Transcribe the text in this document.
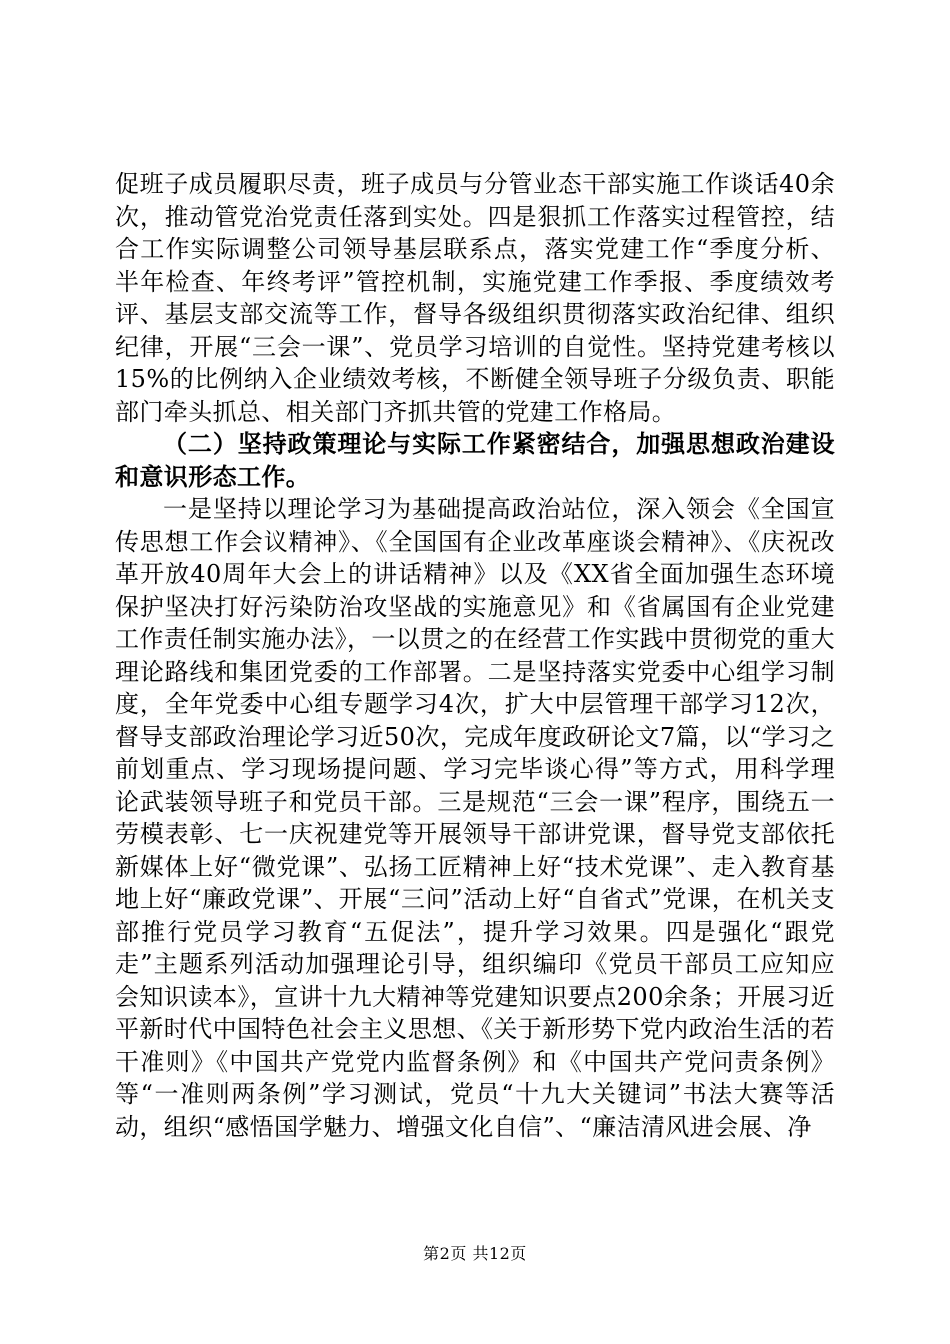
促班子成员履职尽责，班子成员与分管业态干部实施工作谈话40余次，推动管党治党责任落到实处。四是狠抓工作落实过程管控，结合工作实际调整公司领导基层联系点，落实党建工作“季度分析、半年检查、年终考评”管控机制，实施党建工作季报、季度绩效考评、基层支部交流等工作，督导各级组织贯彻落实政治纪律、组织纪律，开展“三会一课”、党员学习培训的自觉性。坚持党建考核以15%的比例纳入企业绩效考核，不断健全领导班子分级负责、职能部门牵头抓总、相关部门齐抓共管的党建工作格局。

（二）坚持政策理论与实际工作紧密结合，加强思想政治建设和意识形态工作。

一是坚持以理论学习为基础提高政治站位，深入领会《全国宣传思想工作会议精神》、《全国国有企业改革座谈会精神》、《庆祝改革开放40周年大会上的讲话精神》以及《XX省全面加强生态环境保护坚决打好污染防治攻坚战的实施意见》和《省属国有企业党建工作责任制实施办法》，一以贯之的在经营工作实践中贯彻党的重大理论路线和集团党委的工作部署。二是坚持落实党委中心组学习制度，全年党委中心组专题学习4次，扩大中层管理干部学习12次，督导支部政治理论学习近50次，完成年度政研论文7篇，以“学习之前划重点、学习现场提问题、学习完毕谈心得”等方式，用科学理论武装领导班子和党员干部。三是规范“三会一课”程序，围绕五一劳模表彰、七一庆祝建党等开展领导干部讲党课，督导党支部依托新媒体上好“微党课”、弘扬工匠精神上好“技术党课”、走入教育基地上好“廉政党课”、开展“三问”活动上好“自省式”党课，在机关支部推行党员学习教育“五促法”，提升学习效果。四是强化“跟党走”主题系列活动加强理论引导，组织编印《党员干部员工应知应会知识读本》，宣讲十九大精神等党建知识要点200余条；开展习近平新时代中国特色社会主义思想、《关于新形势下党内政治生活的若干准则》《中国共产党党内监督条例》和《中国共产党问责条例》等“一准则两条例”学习测试，党员“十九大关键词”书法大赛等活动，组织“感悟国学魅力、增强文化自信”、“廉洁清风进会展、净

第2页 共12页
